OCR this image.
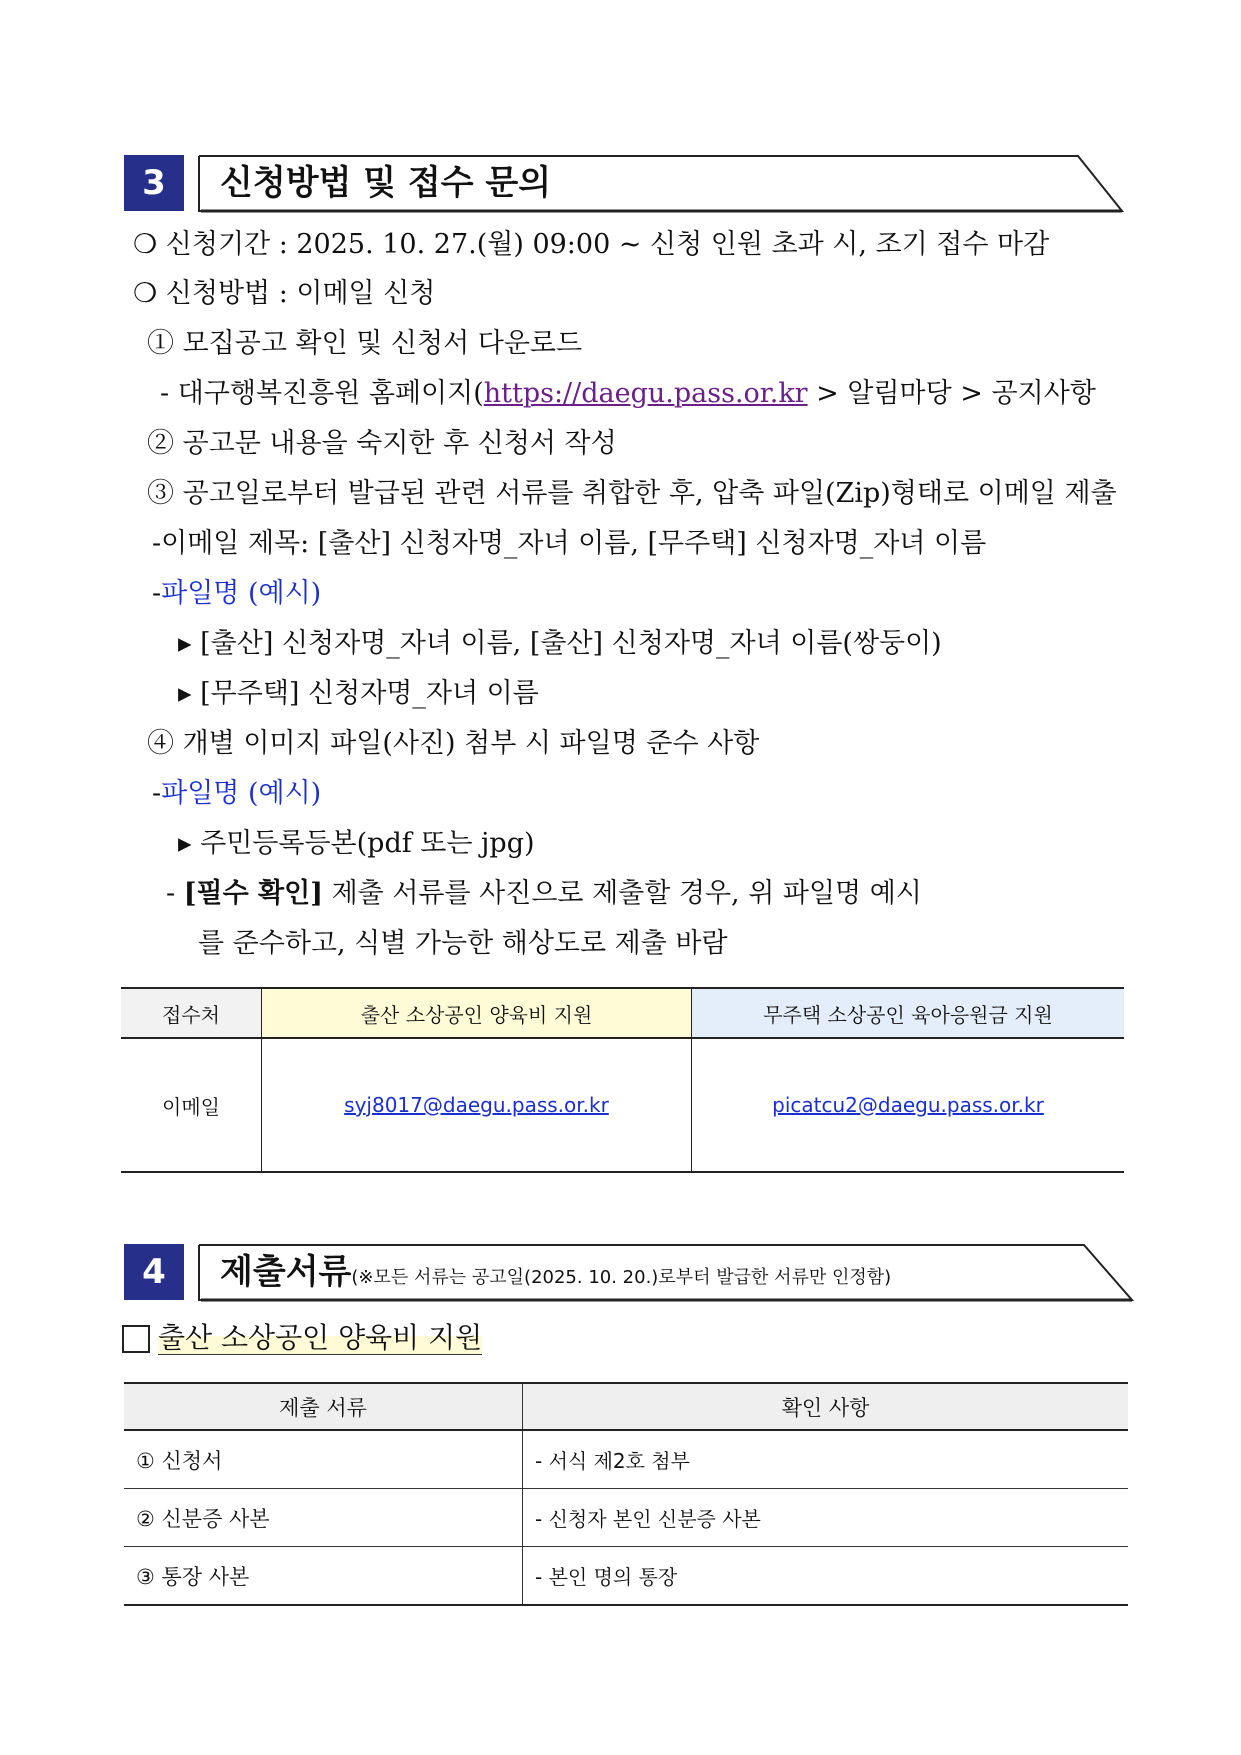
3	신청방법 및 접수 문의
❍ 신청기간 : 2025. 10. 27.(월) 09:00 ~ 신청 인원 초과 시, 조기 접수 마감
❍ 신청방법 : 이메일 신청
① 모집공고 확인 및 신청서 다운로드
- 대구행복진흥원 홈페이지(https://daegu.pass.or.kr > 알림마당 > 공지사항
② 공고문 내용을 숙지한 후 신청서 작성
③ 공고일로부터 발급된 관련 서류를 취합한 후, 압축 파일(Zip)형태로 이메일 제출
-이메일 제목: [출산] 신청자명_자녀 이름, [무주택] 신청자명_자녀 이름
-파일명 (예시)
▸ [출산] 신청자명_자녀 이름, [출산] 신청자명_자녀 이름(쌍둥이)
▸ [무주택] 신청자명_자녀 이름
④ 개별 이미지 파일(사진) 첨부 시 파일명 준수 사항
-파일명 (예시)
▸ 주민등록등본(pdf 또는 jpg)
- [필수 확인] 제출 서류를 사진으로 제출할 경우, 위 파일명 예시
를 준수하고, 식별 가능한 해상도로 제출 바람
접수처	출산 소상공인 양육비 지원	무주택 소상공인 육아응원금 지원
이메일	syj8017@daegu.pass.or.kr	picatcu2@daegu.pass.or.kr
4	제출서류(※모든 서류는 공고일(2025. 10. 20.)로부터 발급한 서류만 인정함)
출산 소상공인 양육비 지원
제출 서류	확인 사항
① 신청서	- 서식 제2호 첨부
② 신분증 사본	- 신청자 본인 신분증 사본
③ 통장 사본	- 본인 명의 통장
